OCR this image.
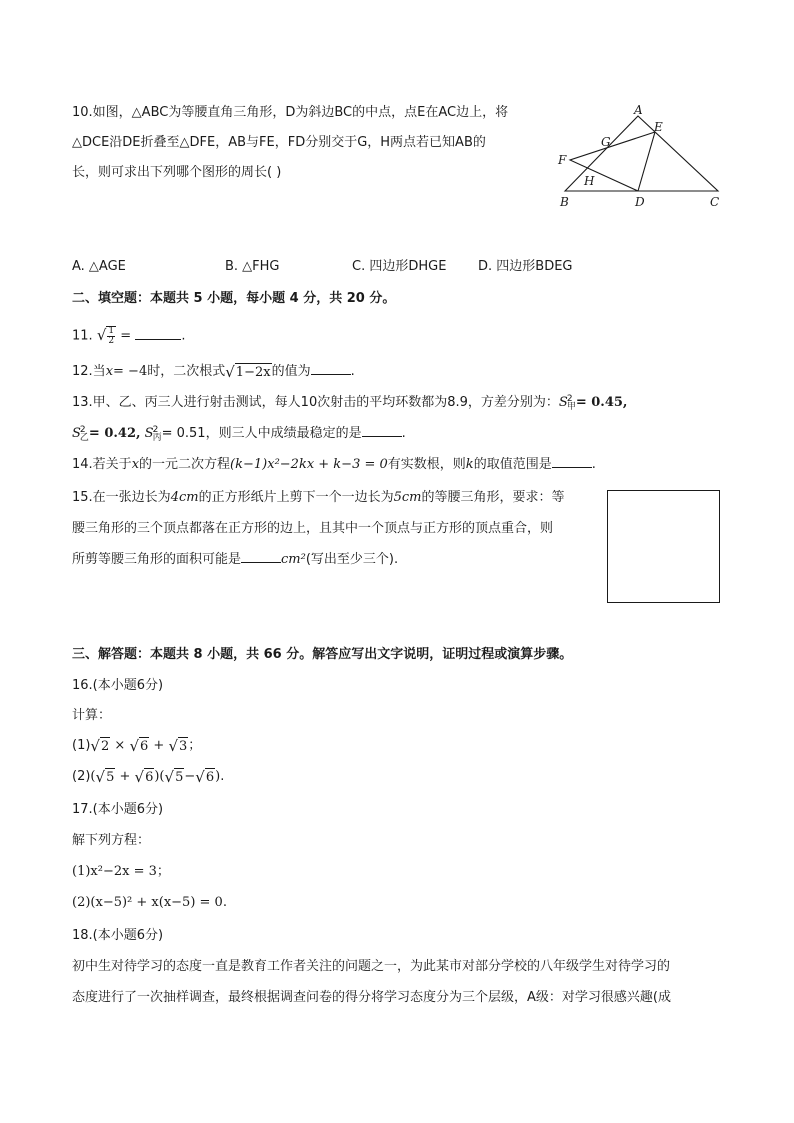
10.如图，△ABC为等腰直角三角形，D为斜边BC的中点，点E在AC边上，将
△DCE沿DE折叠至△DFE，AB与FE，FD分别交于G，H两点若已知AB的
长，则可求出下列哪个图形的周长( )
A
E
G
F
H
B	D	C
A. △AGE	B. △FHG	C. 四边形DHGE D. 四边形BDEG
二、填空题：本题共 5 小题，每小题 4 分，共 20 分。
11. √ $\frac{1}{2}$ =	.
12.当x= −4时，二次根式 √ 1−2x 的值为	.
13.甲、乙、丙三人进行射击测试，每人10次射击的平均环数都为8.9，方差分别为：S 2
甲 = 0.45,
S 2
乙 = 0.42, S 2
丙 = 0.51，则三人中成绩最稳定的是	.
14.若关于x的一元二次方程(k−1)x²−2kx + k−3 = 0有实数根，则k的取值范围是	.
15.在一张边长为4cm的正方形纸片上剪下一个一边长为5cm的等腰三角形，要求：等
腰三角形的三个顶点都落在正方形的边上，且其中一个顶点与正方形的顶点重合，则
所剪等腰三角形的面积可能是	cm²(写出至少三个).
三、解答题：本题共 8 小题，共 66 分。解答应写出文字说明，证明过程或演算步骤。
16.(本小题6分)
计算：
(1) √ 2 × √ 6 + √ 3 ；
(2)( √ 5 + √ 6 )( √ 5 − √ 6 ).
17.(本小题6分)
解下列方程：
(1)x²−2x = 3；
(2)(x−5)² + x(x−5) = 0.
18.(本小题6分)
初中生对待学习的态度一直是教育工作者关注的问题之一，为此某市对部分学校的八年级学生对待学习的
态度进行了一次抽样调查，最终根据调查问卷的得分将学习态度分为三个层级，A级：对学习很感兴趣(成
